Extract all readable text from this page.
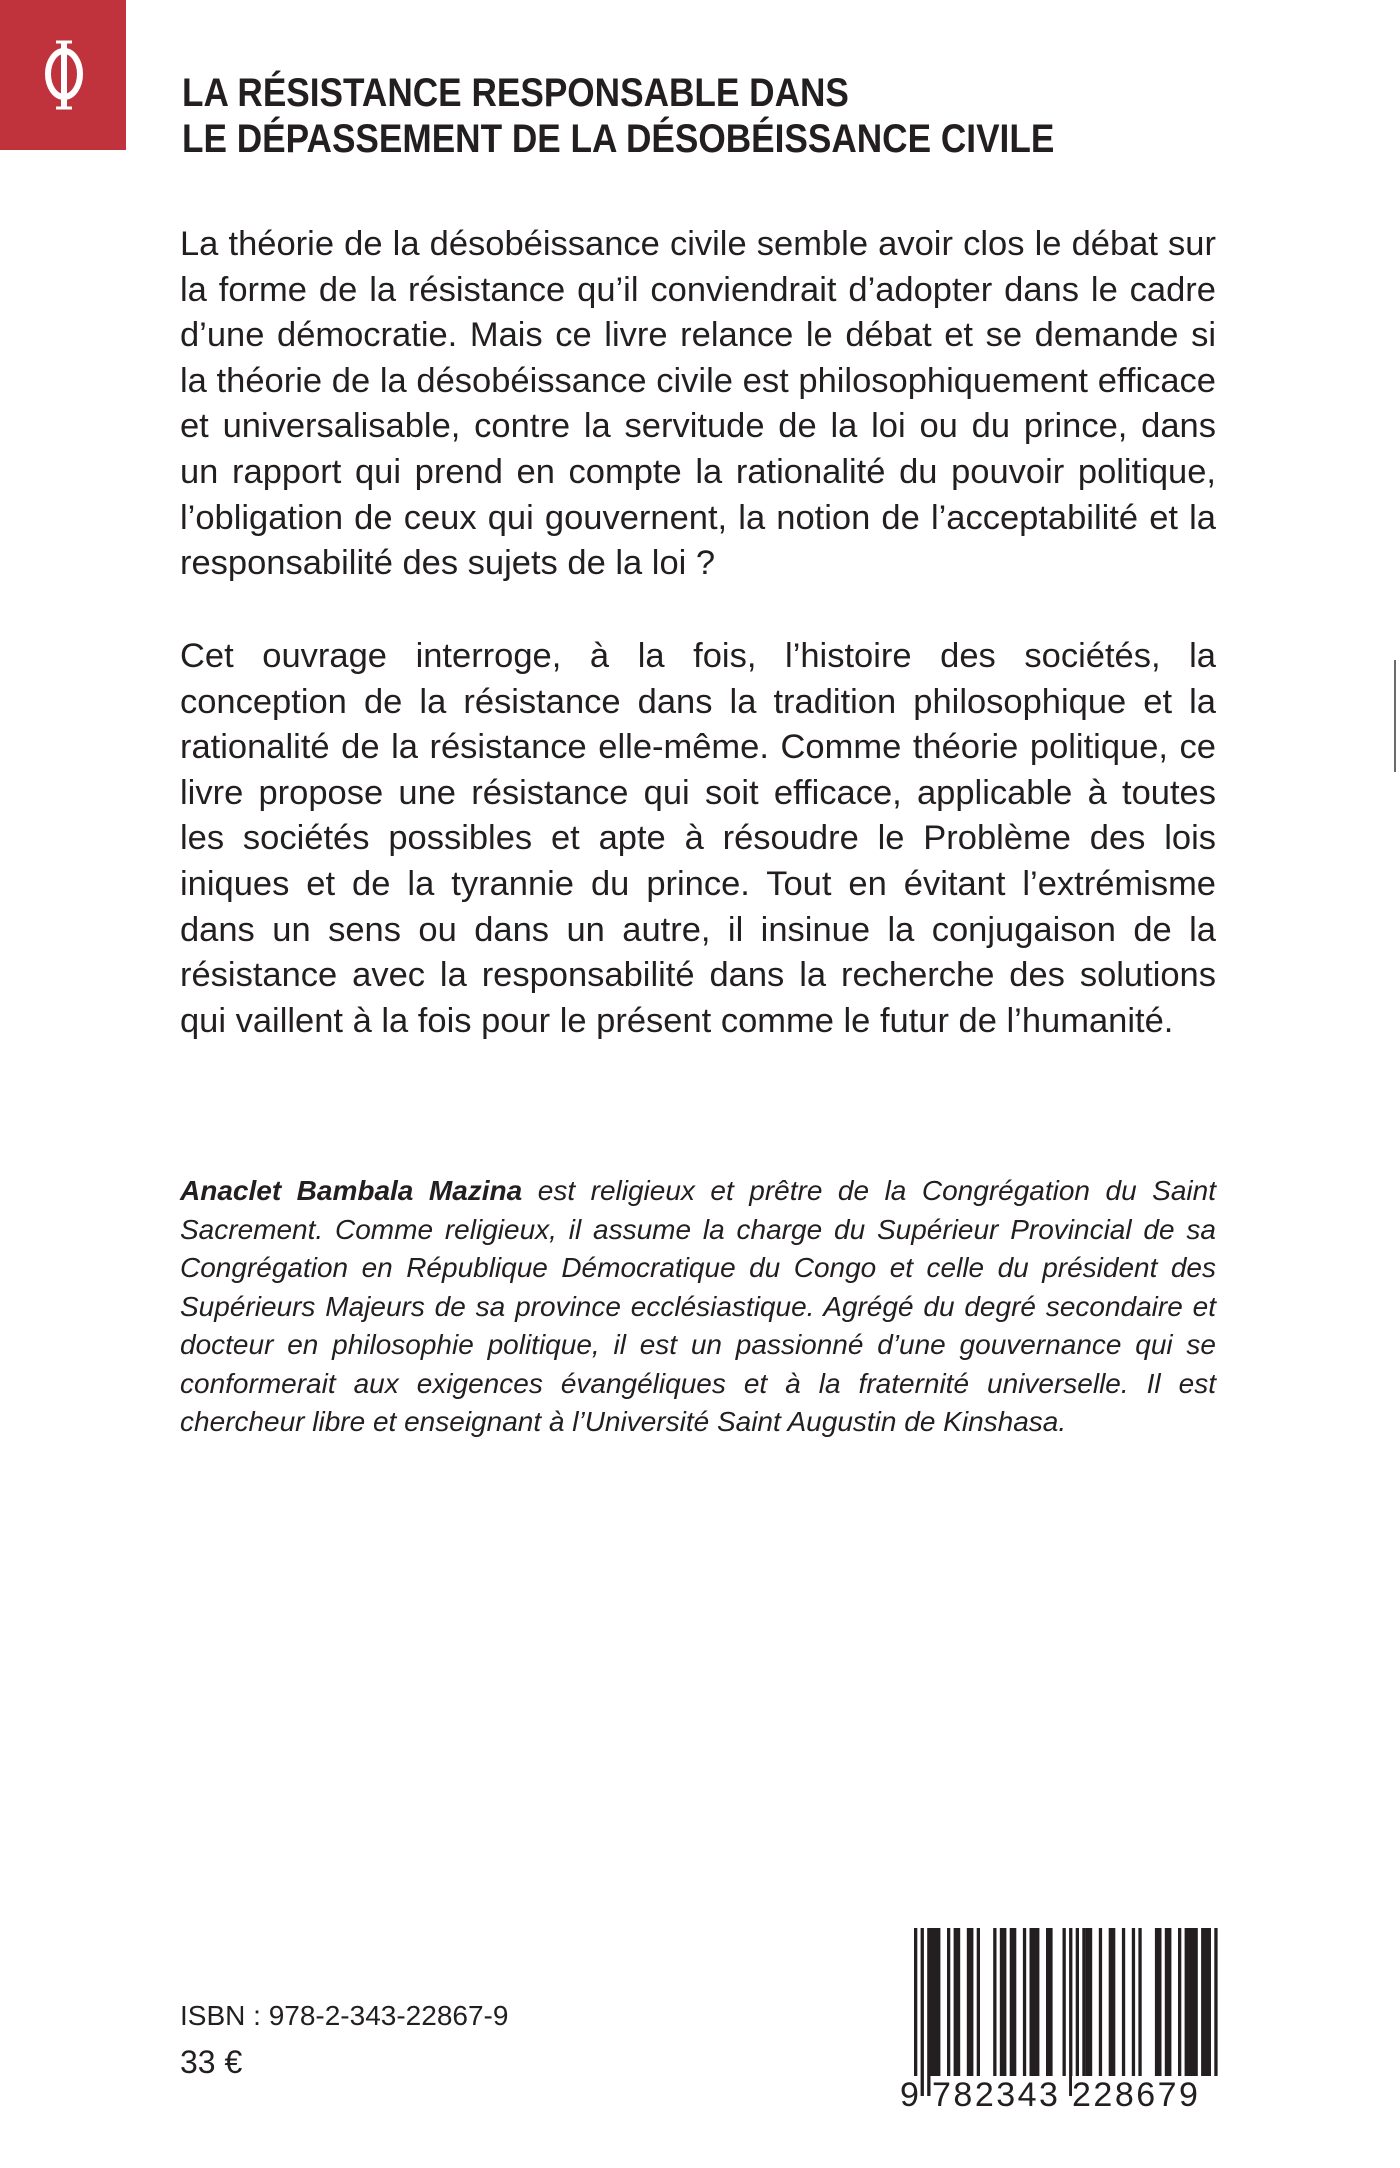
LA RÉSISTANCE RESPONSABLE DANS
LE DÉPASSEMENT DE LA DÉSOBÉISSANCE CIVILE

La théorie de la désobéissance civile semble avoir clos le débat sur la forme de la résistance qu’il conviendrait d’adopter dans le cadre d’une démocratie. Mais ce livre relance le débat et se demande si la théorie de la désobéissance civile est philosophiquement efficace et universalisable, contre la servitude de la loi ou du prince, dans un rapport qui prend en compte la rationalité du pouvoir politique, l’obligation de ceux qui gouvernent, la notion de l’acceptabilité et la responsabilité des sujets de la loi ?

Cet ouvrage interroge, à la fois, l’histoire des sociétés, la conception de la résistance dans la tradition philosophique et la rationalité de la résistance elle-même. Comme théorie politique, ce livre propose une résistance qui soit efficace, applicable à toutes les sociétés possibles et apte à résoudre le Problème des lois iniques et de la tyrannie du prince. Tout en évitant l’extrémisme dans un sens ou dans un autre, il insinue la conjugaison de la résistance avec la responsabilité dans la recherche des solutions qui vaillent à la fois pour le présent comme le futur de l’humanité.

Anaclet Bambala Mazina est religieux et prêtre de la Congrégation du Saint Sacrement. Comme religieux, il assume la charge du Supérieur Provincial de sa Congrégation en République Démocratique du Congo et celle du président des Supérieurs Majeurs de sa province ecclésiastique. Agrégé du degré secondaire et docteur en philosophie politique, il est un passionné d’une gouvernance qui se conformerait aux exigences évangéliques et à la fraternité universelle. Il est chercheur libre et enseignant à l’Université Saint Augustin de Kinshasa.

ISBN : 978-2-343-22867-9
33 €
9 782343 228679
